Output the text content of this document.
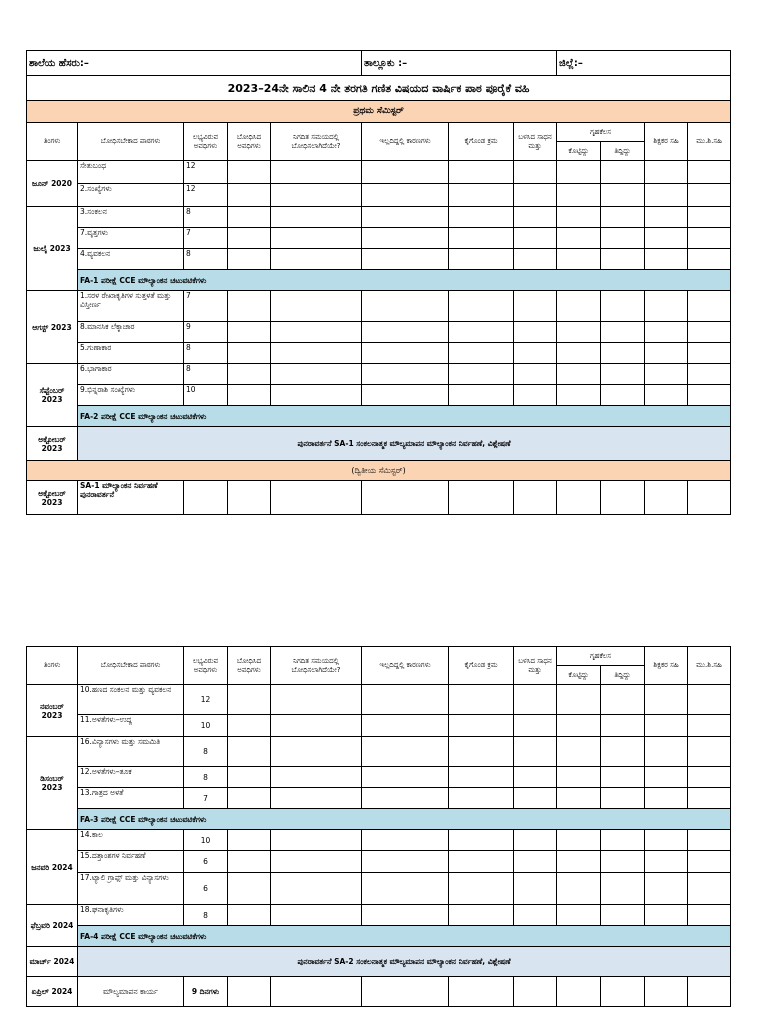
ಶಾಲೆಯ ಹೆಸರು:–					ತಾಲ್ಲೂಕು :–			ಜಿಲ್ಲೆ:–			
2023–24ನೇ ಸಾಲಿನ 4 ನೇ ತರಗತಿ ಗಣಿತ ವಿಷಯದ ವಾರ್ಷಿಕ ಪಾಠ ಪೂರೈಕೆ ವಹಿ											
ಪ್ರಥಮ ಸೆಮಿಸ್ಟರ್											
ತಿಂಗಳು	ಬೋಧಿಸಬೇಕಾದ ಪಾಠಗಳು	ಲಭ್ಯವಿರುವ ಅವಧಿಗಳು	ಬೋಧಿಸಿದ ಅವಧಿಗಳು	ನಿಗದಿತ ಸಮಯದಲ್ಲಿ ಬೋಧಿಸಲಾಗಿದೆಯೇ?	ಇಲ್ಲದಿದ್ದಲ್ಲಿ ಕಾರಣಗಳು	ಕೈಗೊಂಡ ಕ್ರಮ	ಬಳಸಿದ ಸಾಧನ ಮತ್ತು	ಗೃಹಕೆಲಸ		ಶಿಕ್ಷಕರ ಸಹಿ	ಮು.ಶಿ.ಸಹಿ
								ಕೊಟ್ಟಿದ್ದು	ತಿದ್ದಿದ್ದು		
ಜೂನ್ 2020	ಸೇತುಬಂಧ	12									
	2.ಸಂಖ್ಯೆಗಳು	12									
ಜುಲೈ 2023	3.ಸಂಕಲನ	8									
	7.ವೃತ್ತಗಳು	7									
	4.ವ್ಯವಕಲನ	8									
	FA-1 ಪರೀಕ್ಷೆ CCE ಮೌಲ್ಯಾಂಕನ ಚಟುವಟಿಕೆಗಳು										
ಆಗಸ್ಟ್ 2023	1.ಸರಳ ರೇಖಾಕೃತಿಗಳ ಸುತ್ತಳತೆ ಮತ್ತು ವಿಸ್ತೀರ್ಣ	7									
	8.ಮಾನಸಿಕ ಲೆಕ್ಕಾಚಾರ	9									
	5.ಗುಣಾಕಾರ	8									
ಸೆಪ್ಟೆಂಬರ್ 2023	6.ಭಾಗಾಕಾರ	8									
	9.ಭಿನ್ನರಾಶಿ ಸಂಖ್ಯೆಗಳು	10									
	FA-2 ಪರೀಕ್ಷೆ CCE ಮೌಲ್ಯಾಂಕನ ಚಟುವಟಿಕೆಗಳು										
ಅಕ್ಟೋಬರ್ 2023	ಪುನರಾವರ್ತನೆ SA-1 ಸಂಕಲನಾತ್ಮಕ ಮೌಲ್ಯಮಾಪನ ಮೌಲ್ಯಾಂಕನ ನಿರ್ವಹಣೆ, ವಿಶ್ಲೇಷಣೆ										
(ದ್ವಿತೀಯ ಸೆಮಿಸ್ಟರ್)											
ಅಕ್ಟೋಬರ್ 2023	SA-1 ಮೌಲ್ಯಾಂಕನ ನಿರ್ವಹಣೆ ಪುನರಾವರ್ತನೆ										
ತಿಂಗಳು	ಬೋಧಿಸಬೇಕಾದ ಪಾಠಗಳು	ಲಭ್ಯವಿರುವ ಅವಧಿಗಳು	ಬೋಧಿಸಿದ ಅವಧಿಗಳು	ನಿಗದಿತ ಸಮಯದಲ್ಲಿ ಬೋಧಿಸಲಾಗಿದೆಯೇ?	ಇಲ್ಲದಿದ್ದಲ್ಲಿ ಕಾರಣಗಳು	ಕೈಗೊಂಡ ಕ್ರಮ	ಬಳಸಿದ ಸಾಧನ ಮತ್ತು	ಗೃಹಕೆಲಸ		ಶಿಕ್ಷಕರ ಸಹಿ	ಮು.ಶಿ.ಸಹಿ
								ಕೊಟ್ಟಿದ್ದು	ತಿದ್ದಿದ್ದು		
ನವಂಬರ್ 2023	10.ಹಣದ ಸಂಕಲನ ಮತ್ತು ವ್ಯವಕಲನ	12									
	11.ಅಳತೆಗಳು–ಉದ್ದ	10									
ಡಿಸಂಬರ್ 2023	16.ವಿನ್ಯಾಸಗಳು ಮತ್ತು ಸಮಮಿತಿ	8									
	12.ಅಳತೆಗಳು–ತೂಕ	8									
	13.ಗಾತ್ರದ ಅಳತೆ	7									
	FA-3 ಪರೀಕ್ಷೆ CCE ಮೌಲ್ಯಾಂಕನ ಚಟುವಟಿಕೆಗಳು										
ಜನವರಿ 2024	14.ಕಾಲ	10									
	15.ದತ್ತಾಂಶಗಳ ನಿರ್ವಹಣೆ	6									
	17.ಟ್ಯಾಲಿ ಗ್ರಾಫ್ಸ್ ಮತ್ತು ವಿನ್ಯಾಸಗಳು	6									
ಫೆಬ್ರವರಿ 2024	18.ಘನಾಕೃತಿಗಳು	8									
	FA-4 ಪರೀಕ್ಷೆ CCE ಮೌಲ್ಯಾಂಕನ ಚಟುವಟಿಕೆಗಳು										
ಮಾರ್ಚ್ 2024	ಪುನರಾವರ್ತನೆ SA-2 ಸಂಕಲನಾತ್ಮಕ ಮೌಲ್ಯಮಾಪನ ಮೌಲ್ಯಾಂಕನ ನಿರ್ವಹಣೆ, ವಿಶ್ಲೇಷಣೆ										
ಏಪ್ರಿಲ್ 2024	ಮೌಲ್ಯಮಾಪನ ಕಾರ್ಯ	9 ದಿನಗಳು									
